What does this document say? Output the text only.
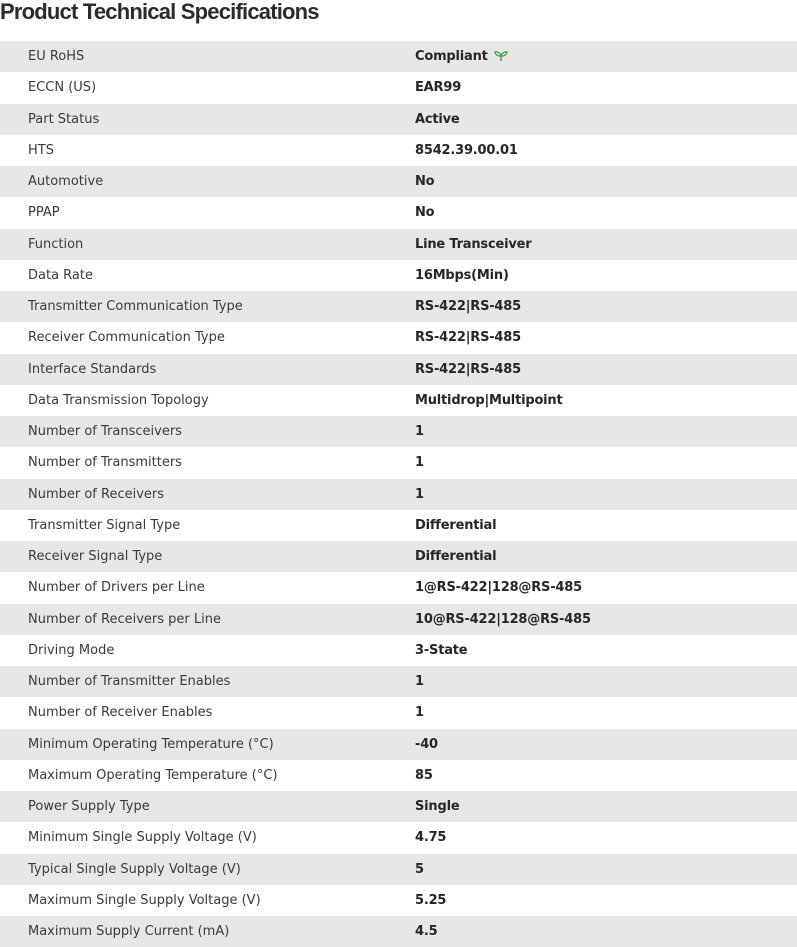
Product Technical Specifications
EU RoHS	Compliant
ECCN (US)	EAR99
Part Status	Active
HTS	8542.39.00.01
Automotive	No
PPAP	No
Function	Line Transceiver
Data Rate	16Mbps(Min)
Transmitter Communication Type	RS-422|RS-485
Receiver Communication Type	RS-422|RS-485
Interface Standards	RS-422|RS-485
Data Transmission Topology	Multidrop|Multipoint
Number of Transceivers	1
Number of Transmitters	1
Number of Receivers	1
Transmitter Signal Type	Differential
Receiver Signal Type	Differential
Number of Drivers per Line	1@RS-422|128@RS-485
Number of Receivers per Line	10@RS-422|128@RS-485
Driving Mode	3-State
Number of Transmitter Enables	1
Number of Receiver Enables	1
Minimum Operating Temperature (°C)	-40
Maximum Operating Temperature (°C)	85
Power Supply Type	Single
Minimum Single Supply Voltage (V)	4.75
Typical Single Supply Voltage (V)	5
Maximum Single Supply Voltage (V)	5.25
Maximum Supply Current (mA)	4.5
